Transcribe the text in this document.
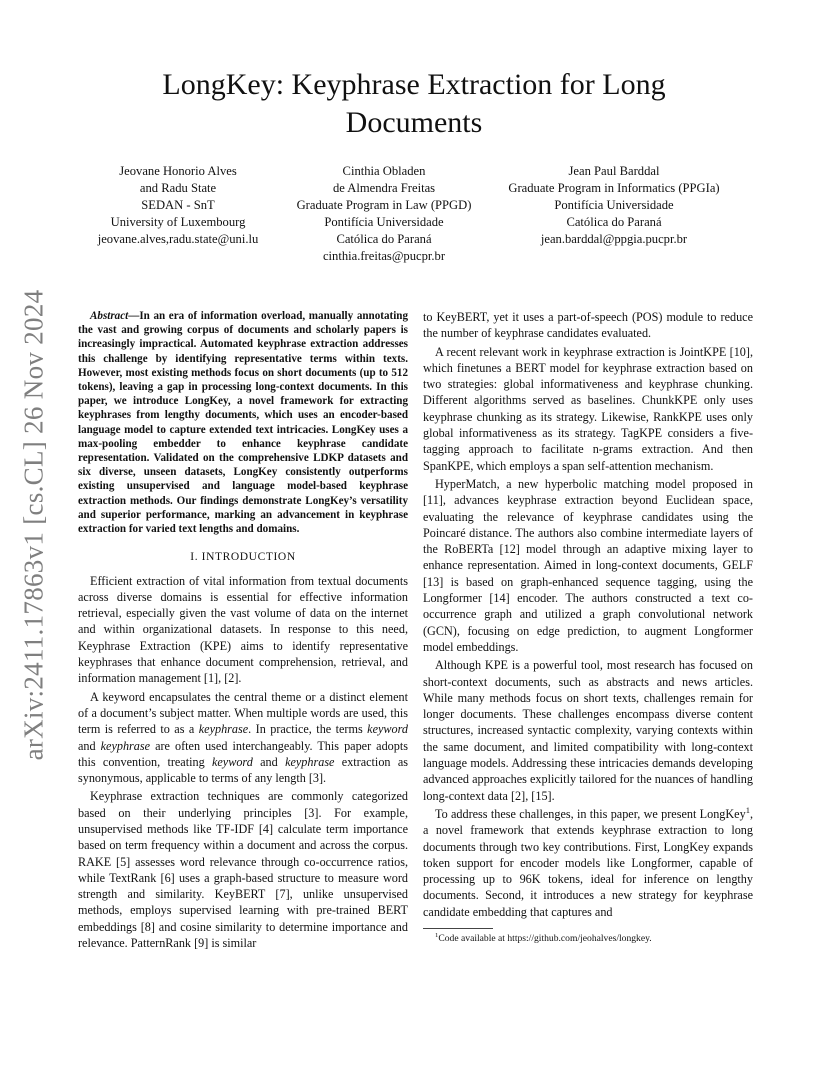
arXiv:2411.17863v1 [cs.CL] 26 Nov 2024
LongKey: Keyphrase Extraction for Long Documents
Jeovane Honorio Alves
and Radu State
SEDAN - SnT
University of Luxembourg
jeovane.alves,radu.state@uni.lu
Cinthia Obladen
de Almendra Freitas
Graduate Program in Law (PPGD)
Pontifícia Universidade
Católica do Paraná
cinthia.freitas@pucpr.br
Jean Paul Barddal
Graduate Program in Informatics (PPGIa)
Pontifícia Universidade
Católica do Paraná
jean.barddal@ppgia.pucpr.br

Abstract—In an era of information overload, manually annotating the vast and growing corpus of documents and scholarly papers is increasingly impractical. Automated keyphrase extraction addresses this challenge by identifying representative terms within texts. However, most existing methods focus on short documents (up to 512 tokens), leaving a gap in processing long-context documents. In this paper, we introduce LongKey, a novel framework for extracting keyphrases from lengthy documents, which uses an encoder-based language model to capture extended text intricacies. LongKey uses a max-pooling embedder to enhance keyphrase candidate representation. Validated on the comprehensive LDKP datasets and six diverse, unseen datasets, LongKey consistently outperforms existing unsupervised and language model-based keyphrase extraction methods. Our findings demonstrate LongKey’s versatility and superior performance, marking an advancement in keyphrase extraction for varied text lengths and domains.

I. INTRODUCTION

Efficient extraction of vital information from textual documents across diverse domains is essential for effective information retrieval, especially given the vast volume of data on the internet and within organizational datasets. In response to this need, Keyphrase Extraction (KPE) aims to identify representative keyphrases that enhance document comprehension, retrieval, and information management [1], [2].

A keyword encapsulates the central theme or a distinct element of a document’s subject matter. When multiple words are used, this term is referred to as a keyphrase. In practice, the terms keyword and keyphrase are often used interchangeably. This paper adopts this convention, treating keyword and keyphrase extraction as synonymous, applicable to terms of any length [3].

Keyphrase extraction techniques are commonly categorized based on their underlying principles [3]. For example, unsupervised methods like TF-IDF [4] calculate term importance based on term frequency within a document and across the corpus. RAKE [5] assesses word relevance through co-occurrence ratios, while TextRank [6] uses a graph-based structure to measure word strength and similarity. KeyBERT [7], unlike unsupervised methods, employs supervised learning with pre-trained BERT embeddings [8] and cosine similarity to determine importance and relevance. PatternRank [9] is similar

to KeyBERT, yet it uses a part-of-speech (POS) module to reduce the number of keyphrase candidates evaluated.

A recent relevant work in keyphrase extraction is JointKPE [10], which finetunes a BERT model for keyphrase extraction based on two strategies: global informativeness and keyphrase chunking. Different algorithms served as baselines. ChunkKPE only uses keyphrase chunking as its strategy. Likewise, RankKPE uses only global informativeness as its strategy. TagKPE considers a five-tagging approach to facilitate n-grams extraction. And then SpanKPE, which employs a span self-attention mechanism.

HyperMatch, a new hyperbolic matching model proposed in [11], advances keyphrase extraction beyond Euclidean space, evaluating the relevance of keyphrase candidates using the Poincaré distance. The authors also combine intermediate layers of the RoBERTa [12] model through an adaptive mixing layer to enhance representation. Aimed in long-context documents, GELF [13] is based on graph-enhanced sequence tagging, using the Longformer [14] encoder. The authors constructed a text co-occurrence graph and utilized a graph convolutional network (GCN), focusing on edge prediction, to augment Longformer model embeddings.

Although KPE is a powerful tool, most research has focused on short-context documents, such as abstracts and news articles. While many methods focus on short texts, challenges remain for longer documents. These challenges encompass diverse content structures, increased syntactic complexity, varying contexts within the same document, and limited compatibility with long-context language models. Addressing these intricacies demands developing advanced approaches explicitly tailored for the nuances of handling long-context data [2], [15].

To address these challenges, in this paper, we present LongKey$^1$, a novel framework that extends keyphrase extraction to long documents through two key contributions. First, LongKey expands token support for encoder models like Longformer, capable of processing up to 96K tokens, ideal for inference on lengthy documents. Second, it introduces a new strategy for keyphrase candidate embedding that captures and

$^1$Code available at https://github.com/jeohalves/longkey.
